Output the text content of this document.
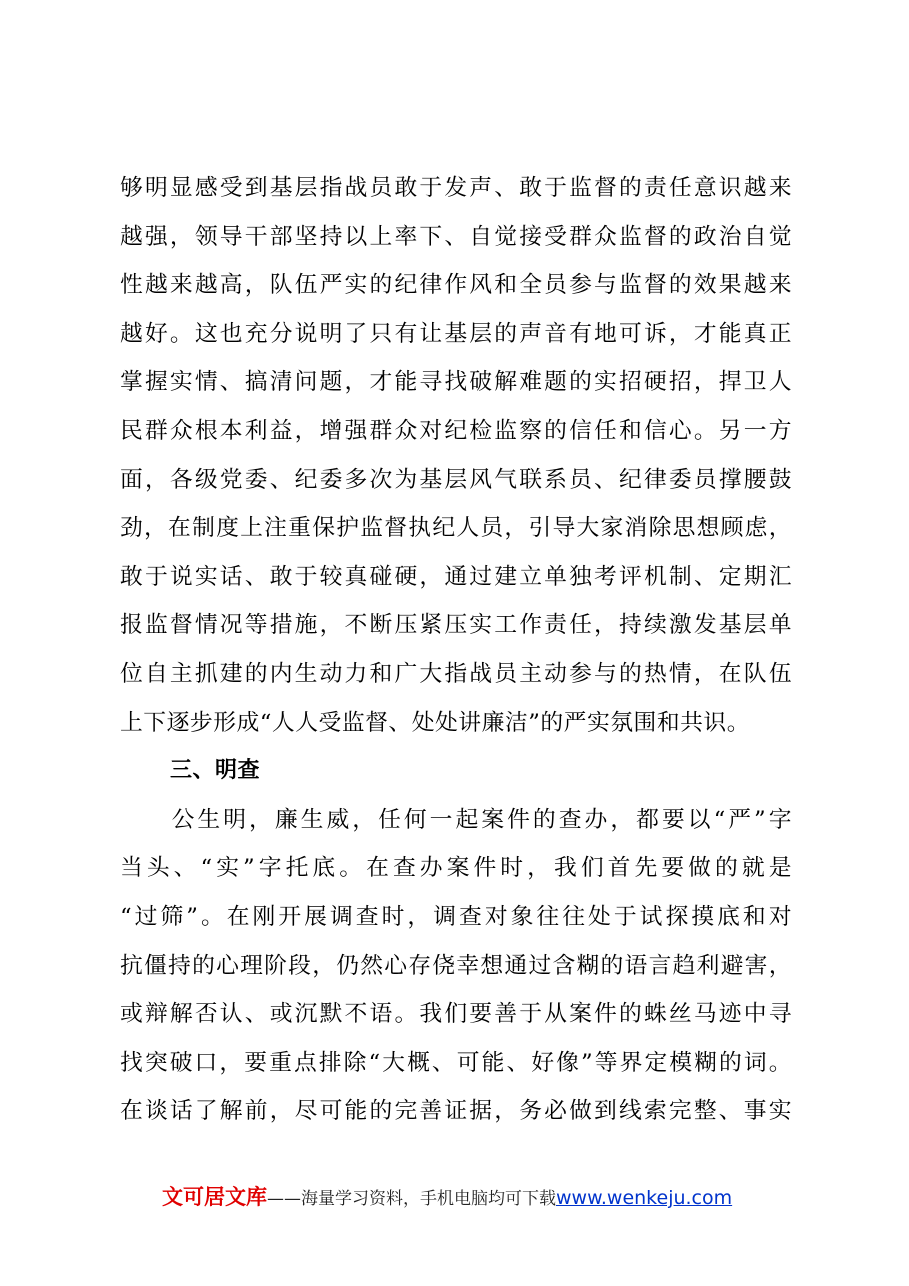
够明显感受到基层指战员敢于发声、敢于监督的责任意识越来
越强，领导干部坚持以上率下、自觉接受群众监督的政治自觉
性越来越高，队伍严实的纪律作风和全员参与监督的效果越来
越好。这也充分说明了只有让基层的声音有地可诉，才能真正
掌握实情、搞清问题，才能寻找破解难题的实招硬招，捍卫人
民群众根本利益，增强群众对纪检监察的信任和信心。另一方
面，各级党委、纪委多次为基层风气联系员、纪律委员撑腰鼓
劲，在制度上注重保护监督执纪人员，引导大家消除思想顾虑，
敢于说实话、敢于较真碰硬，通过建立单独考评机制、定期汇
报监督情况等措施，不断压紧压实工作责任，持续激发基层单
位自主抓建的内生动力和广大指战员主动参与的热情，在队伍
上下逐步形成“人人受监督、处处讲廉洁”的严实氛围和共识。
三、明查
　　公生明，廉生威，任何一起案件的查办，都要以“严”字
当头、“实”字托底。在查办案件时，我们首先要做的就是
“过筛”。在刚开展调查时，调查对象往往处于试探摸底和对
抗僵持的心理阶段，仍然心存侥幸想通过含糊的语言趋利避害，
或辩解否认、或沉默不语。我们要善于从案件的蛛丝马迹中寻
找突破口，要重点排除“大概、可能、好像”等界定模糊的词。
在谈话了解前，尽可能的完善证据，务必做到线索完整、事实
文可居文库——海量学习资料，手机电脑均可下载www.wenkeju.com
